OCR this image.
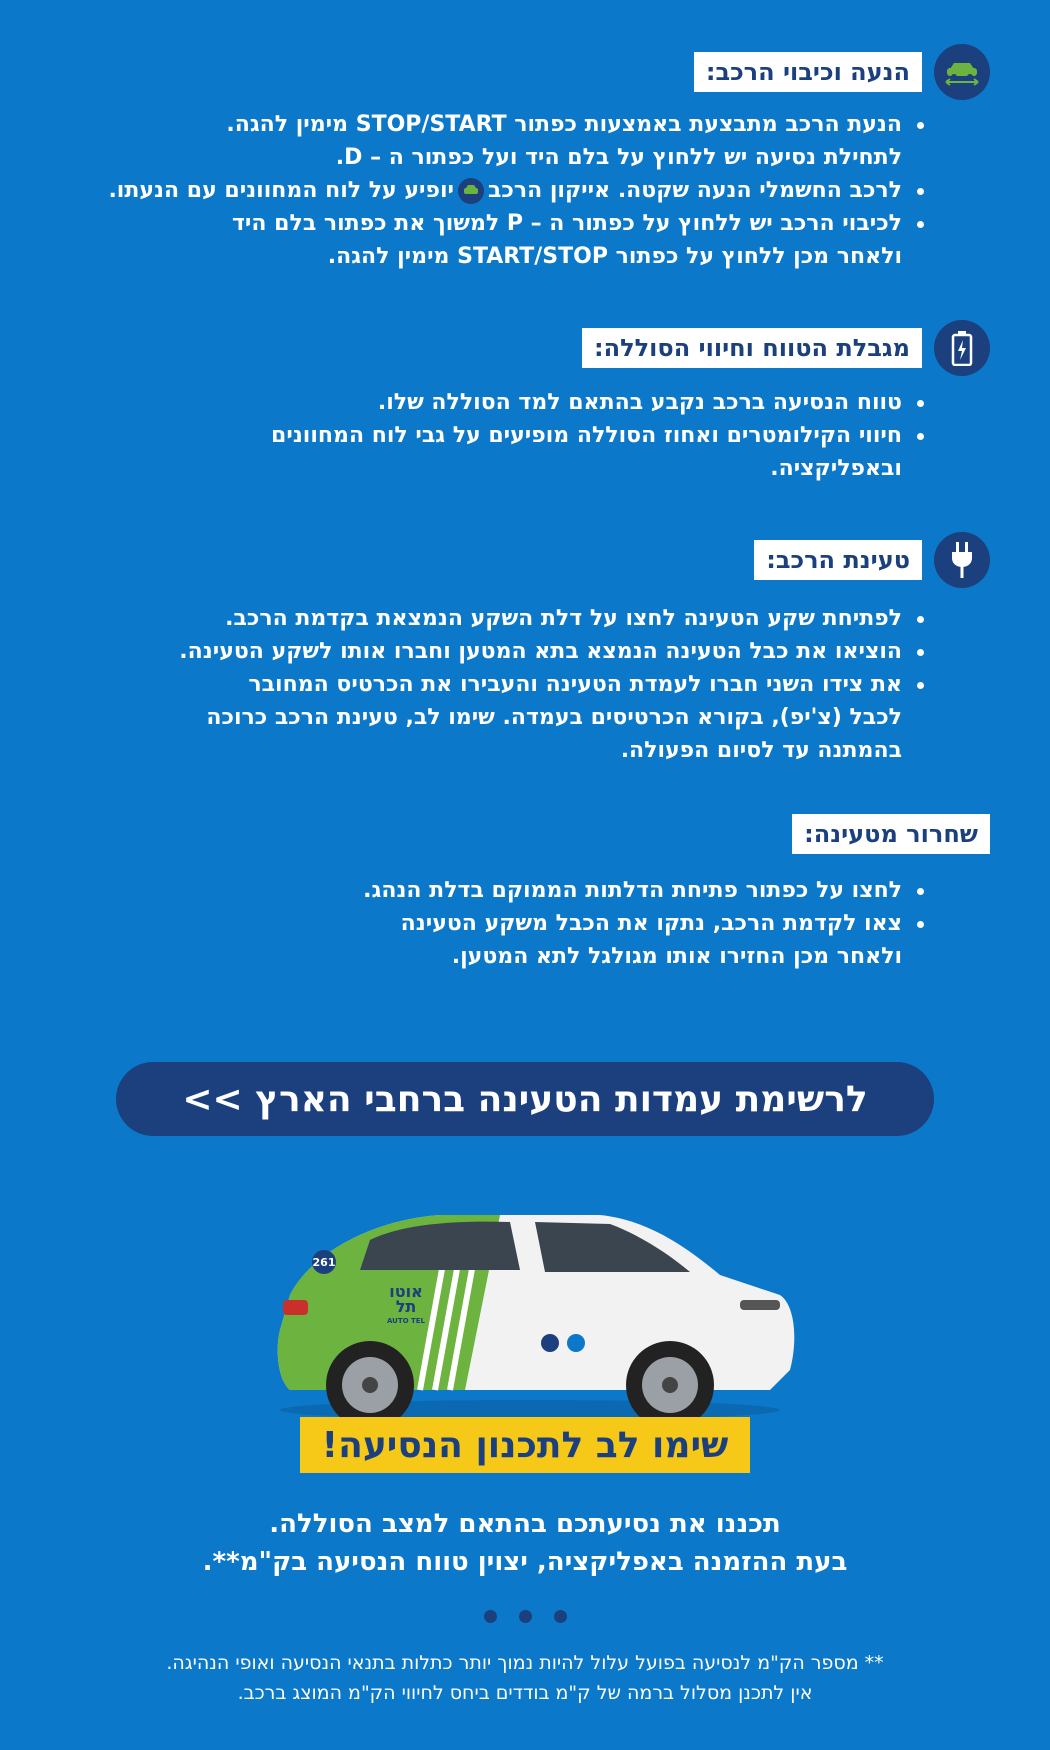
הנעה וכיבוי הרכב:
הנעת הרכב מתבצעת באמצעות כפתור STOP/START מימין להגה.
לתחילת נסיעה יש ללחוץ על בלם היד ועל כפתור ה – D.
לרכב החשמלי הנעה שקטה. אייקון הרכביופיע על לוח המחוונים עם הנעתו.
לכיבוי הרכב יש ללחוץ על כפתור ה – P למשוך את כפתור בלם היד
ולאחר מכן ללחוץ על כפתור START/STOP מימין להגה.
מגבלת הטווח וחיווי הסוללה:
טווח הנסיעה ברכב נקבע בהתאם למד הסוללה שלו.
חיווי הקילומטרים ואחוז הסוללה מופיעים על גבי לוח המחוונים
ובאפליקציה.
טעינת הרכב:
לפתיחת שקע הטעינה לחצו על דלת השקע הנמצאת בקדמת הרכב.
הוציאו את כבל הטעינה הנמצא בתא המטען וחברו אותו לשקע הטעינה.
את צידו השני חברו לעמדת הטעינה והעבירו את הכרטיס המחובר
לכבל (צ'יפ), בקורא הכרטיסים בעמדה. שימו לב, טעינת הרכב כרוכה
בהמתנה עד לסיום הפעולה.
שחרור מטעינה:
לחצו על כפתור פתיחת הדלתות הממוקם בדלת הנהג.
צאו לקדמת הרכב, נתקו את הכבל משקע הטעינה
ולאחר מכן החזירו אותו מגולגל לתא המטען.
לרשימת עמדות הטעינה ברחבי הארץ >>
261
אוטו
תל
AUTO TEL
שימו לב לתכנון הנסיעה!
תכננו את נסיעתכם בהתאם למצב הסוללה.
בעת ההזמנה באפליקציה, יצוין טווח הנסיעה בק"מ**.
** מספר הק"מ לנסיעה בפועל עלול להיות נמוך יותר כתלות בתנאי הנסיעה ואופי הנהיגה.
אין לתכנן מסלול ברמה של ק"מ בודדים ביחס לחיווי הק"מ המוצג ברכב.
